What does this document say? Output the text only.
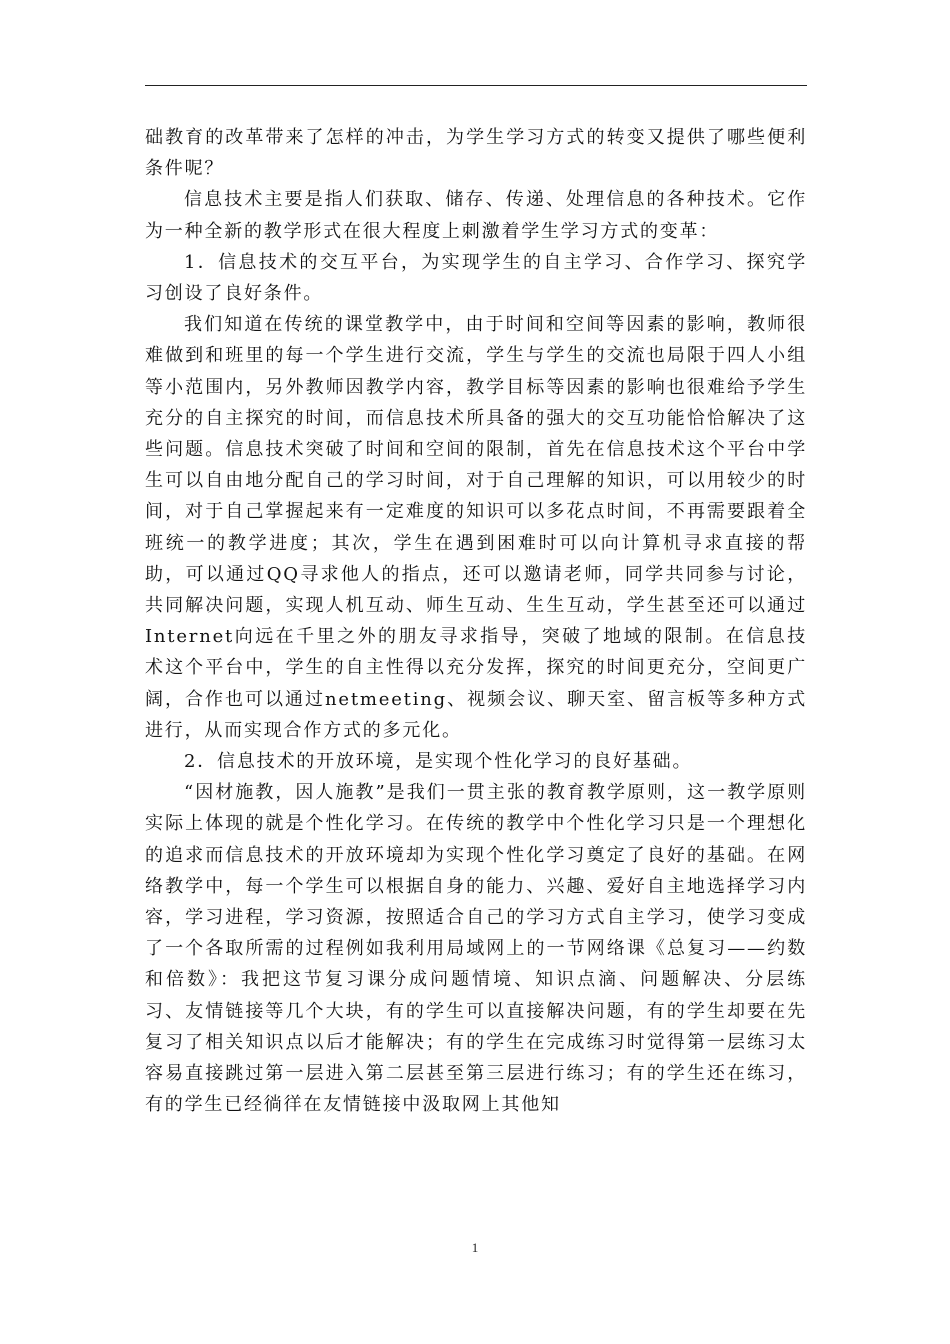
础教育的改革带来了怎样的冲击，为学生学习方式的转变又提供了哪些便利条件呢？

信息技术主要是指人们获取、储存、传递、处理信息的各种技术。它作为一种全新的教学形式在很大程度上刺激着学生学习方式的变革：

1．信息技术的交互平台，为实现学生的自主学习、合作学习、探究学习创设了良好条件。

我们知道在传统的课堂教学中，由于时间和空间等因素的影响，教师很难做到和班里的每一个学生进行交流，学生与学生的交流也局限于四人小组等小范围内，另外教师因教学内容，教学目标等因素的影响也很难给予学生充分的自主探究的时间，而信息技术所具备的强大的交互功能恰恰解决了这些问题。信息技术突破了时间和空间的限制，首先在信息技术这个平台中学生可以自由地分配自己的学习时间，对于自己理解的知识，可以用较少的时间，对于自己掌握起来有一定难度的知识可以多花点时间，不再需要跟着全班统一的教学进度；其次，学生在遇到困难时可以向计算机寻求直接的帮助，可以通过QQ寻求他人的指点，还可以邀请老师，同学共同参与讨论，共同解决问题，实现人机互动、师生互动、生生互动，学生甚至还可以通过Internet向远在千里之外的朋友寻求指导，突破了地域的限制。在信息技术这个平台中，学生的自主性得以充分发挥，探究的时间更充分，空间更广阔，合作也可以通过netmeeting、视频会议、聊天室、留言板等多种方式进行，从而实现合作方式的多元化。

2．信息技术的开放环境，是实现个性化学习的良好基础。

“因材施教，因人施教”是我们一贯主张的教育教学原则，这一教学原则实际上体现的就是个性化学习。在传统的教学中个性化学习只是一个理想化的追求而信息技术的开放环境却为实现个性化学习奠定了良好的基础。在网络教学中，每一个学生可以根据自身的能力、兴趣、爱好自主地选择学习内容，学习进程，学习资源，按照适合自己的学习方式自主学习，使学习变成了一个各取所需的过程例如我利用局域网上的一节网络课《总复习——约数和倍数》：我把这节复习课分成问题情境、知识点滴、问题解决、分层练习、友情链接等几个大块，有的学生可以直接解决问题，有的学生却要在先复习了相关知识点以后才能解决；有的学生在完成练习时觉得第一层练习太容易直接跳过第一层进入第二层甚至第三层进行练习；有的学生还在练习，有的学生已经徜徉在友情链接中汲取网上其他知

1
